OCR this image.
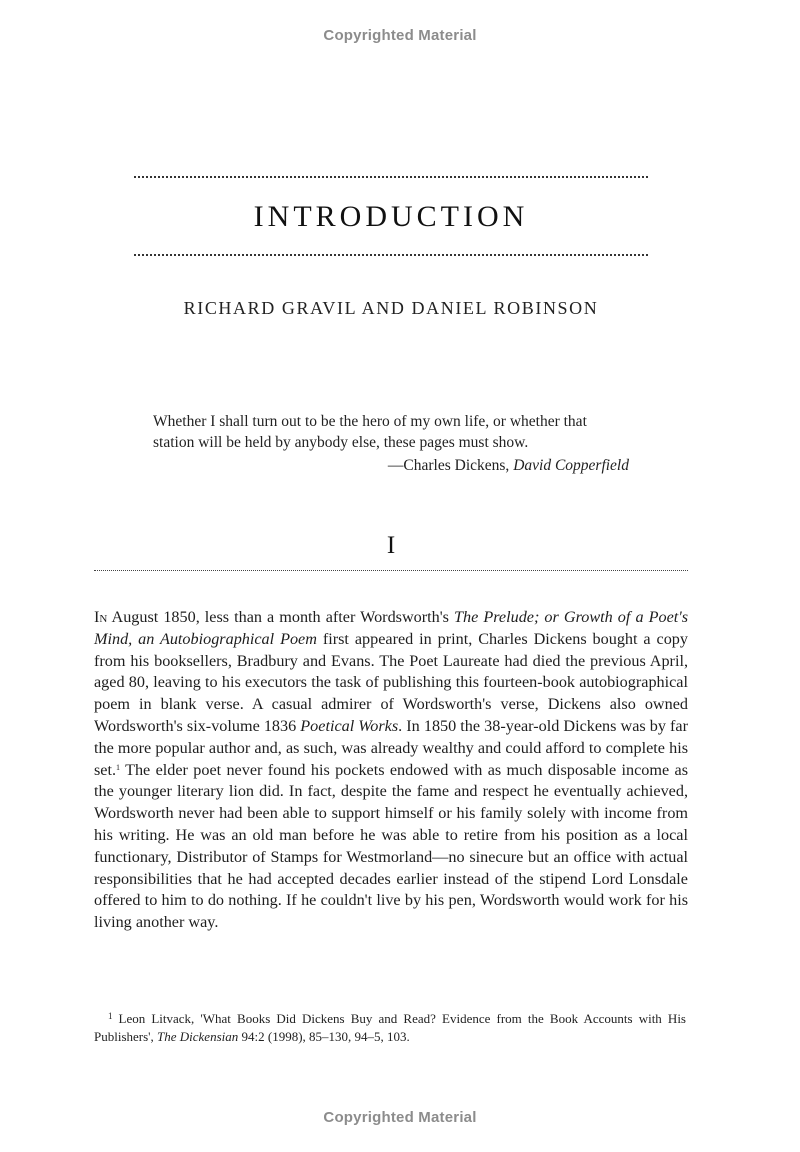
Copyrighted Material
INTRODUCTION
RICHARD GRAVIL AND DANIEL ROBINSON
Whether I shall turn out to be the hero of my own life, or whether that station will be held by anybody else, these pages must show.
—Charles Dickens, David Copperfield
I
In August 1850, less than a month after Wordsworth's The Prelude; or Growth of a Poet's Mind, an Autobiographical Poem first appeared in print, Charles Dickens bought a copy from his booksellers, Bradbury and Evans. The Poet Laureate had died the previous April, aged 80, leaving to his executors the task of publishing this fourteen-book autobiographical poem in blank verse. A casual admirer of Wordsworth's verse, Dickens also owned Wordsworth's six-volume 1836 Poetical Works. In 1850 the 38-year-old Dickens was by far the more popular author and, as such, was already wealthy and could afford to complete his set.$^1$ The elder poet never found his pockets endowed with as much disposable income as the younger literary lion did. In fact, despite the fame and respect he eventually achieved, Wordsworth never had been able to support himself or his family solely with income from his writing. He was an old man before he was able to retire from his position as a local functionary, Distributor of Stamps for Westmorland—no sinecure but an office with actual responsibilities that he had accepted decades earlier instead of the stipend Lord Lonsdale offered to him to do nothing. If he couldn't live by his pen, Wordsworth would work for his living another way.
$^1$ Leon Litvack, 'What Books Did Dickens Buy and Read? Evidence from the Book Accounts with His Publishers', The Dickensian 94:2 (1998), 85–130, 94–5, 103.
Copyrighted Material
